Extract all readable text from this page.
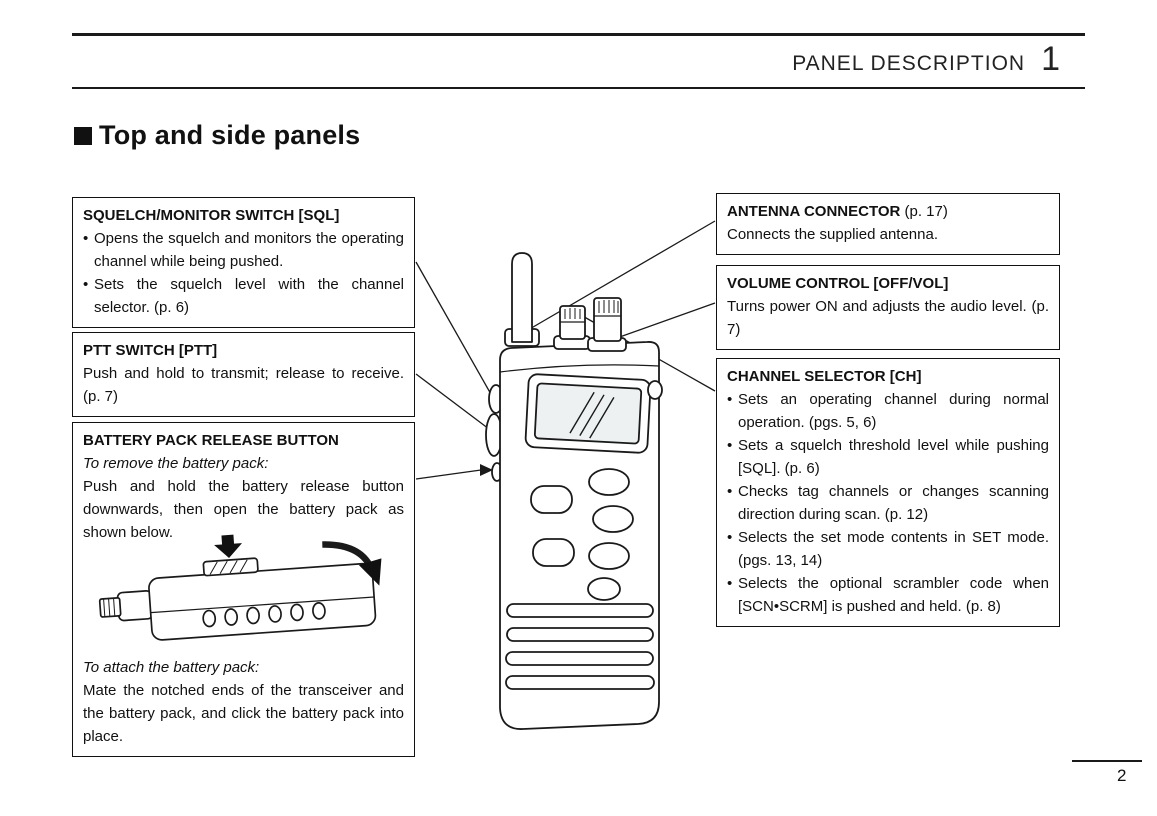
PANEL DESCRIPTION 1
Top and side panels
SQUELCH/MONITOR SWITCH [SQL]
• Opens the squelch and monitors the operating channel while being pushed.
• Sets the squelch level with the channel selector. (p. 6)
PTT SWITCH [PTT]

Push and hold to transmit; release to receive. (p. 7)

BATTERY PACK RELEASE BUTTON

To remove the battery pack:

Push and hold the battery release button downwards, then open the battery pack as shown below.

To attach the battery pack:

Mate the notched ends of the transceiver and the battery pack, and click the battery pack into place.

ANTENNA CONNECTOR (p. 17)

Connects the supplied antenna.

VOLUME CONTROL [OFF/VOL]

Turns power ON and adjusts the audio level. (p. 7)

CHANNEL SELECTOR [CH]
• Sets an operating channel during normal operation. (pgs. 5, 6)
• Sets a squelch threshold level while pushing [SQL]. (p. 6)
• Checks tag channels or changes scanning direction during scan. (p. 12)
• Selects the set mode contents in SET mode. (pgs. 13, 14)
• Selects the optional scrambler code when [SCN•SCRM] is pushed and held. (p. 8)
2
